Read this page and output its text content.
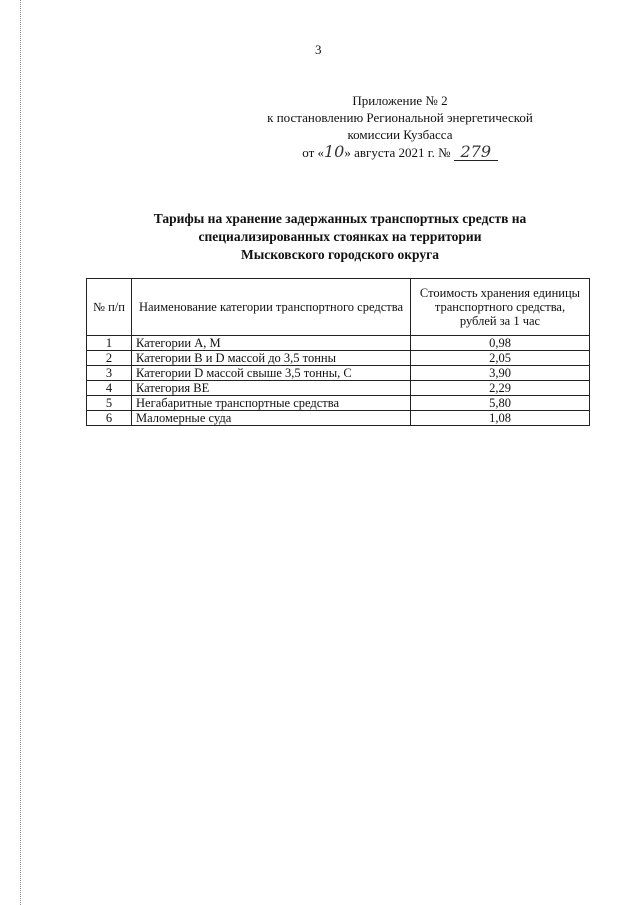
3
Приложение № 2
к постановлению Региональной энергетической
комиссии Кузбасса
от «10» августа 2021 г. № 279
Тарифы на хранение задержанных транспортных средств на
специализированных стоянках на территории
Мысковского городского округа
№ п/п	Наименование категории транспортного средства	Стоимость хранения единицы транспортного средства, рублей за 1 час
1	Категории А, М	0,98
2	Категории В и D массой до 3,5 тонны	2,05
3	Категории D массой свыше 3,5 тонны, С	3,90
4	Категория ВЕ	2,29
5	Негабаритные транспортные средства	5,80
6	Маломерные суда	1,08
